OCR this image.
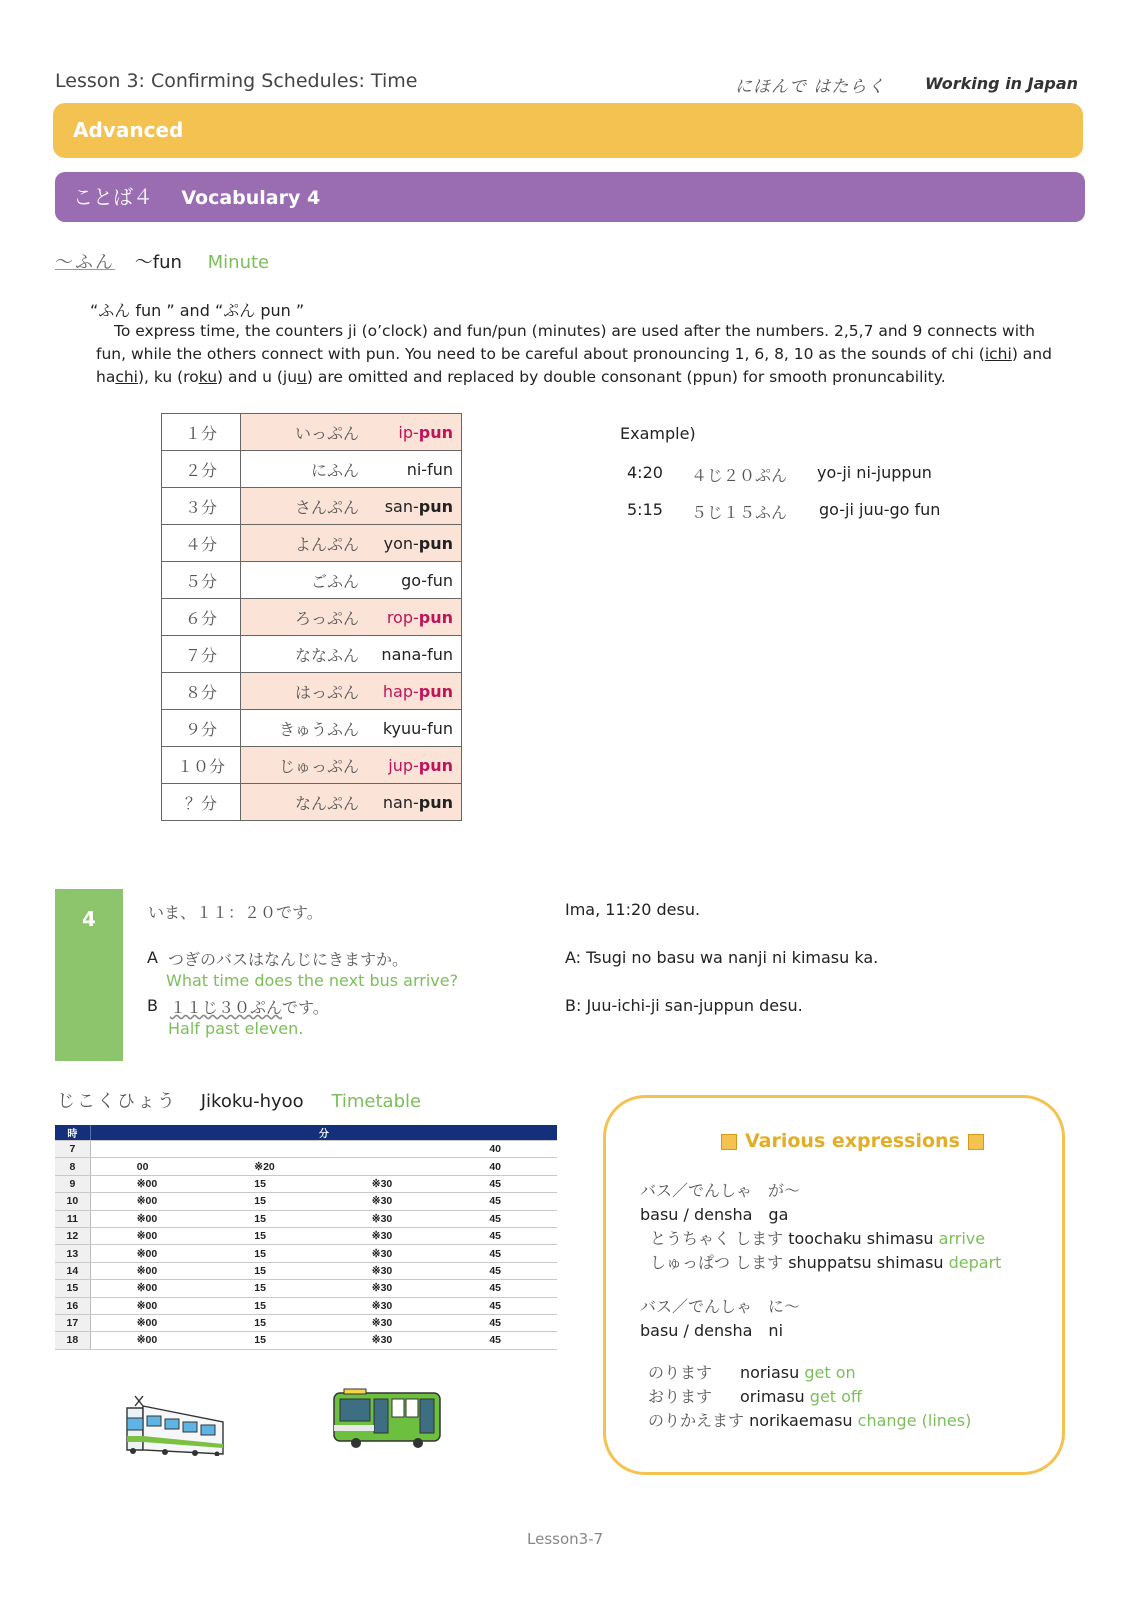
Lesson 3: Confirming Schedules: Time	にほんで はたらく Working in Japan
Advanced
ことば４ Vocabulary 4
～ふん ～fun Minute
“ふん fun ” and “ぷん pun ”
To express time, the counters ji (o’clock) and fun/pun (minutes) are used after the numbers. 2,5,7 and 9 connects with fun, while the others connect with pun. You need to be careful about pronouncing 1, 6, 8, 10 as the sounds of chi (ichi) and hachi), ku (roku) and u (juu) are omitted and replaced by double consonant (ppun) for smooth pronuncability.
１分	いっぷん	ip-pun
２分	にふん	ni-fun
３分	さんぷん	san-pun
４分	よんぷん	yon-pun
５分	ごふん	go-fun
６分	ろっぷん	rop-pun
７分	ななふん	nana-fun
８分	はっぷん	hap-pun
９分	きゅうふん	kyuu-fun
１０分	じゅっぷん	jup-pun
？分	なんぷん	nan-pun
Example)
4:20 ４じ２０ぷん yo-ji ni-juppun
5:15 ５じ１５ふん go-ji juu-go fun
4	いま、１１：２０です。	Ima, 11:20 desu.
A つぎのバスはなんじにきますか。
What time does the next bus arrive?
A: Tsugi no basu wa nanji ni kimasu ka.
B １１じ３０ぷんです。
Half past eleven.
B: Juu-ichi-ji san-juppun desu.
じこくひょう Jikoku-hyoo Timetable
時	分			
7				40
8	00	※20		40
9	※00	15	※30	45
10	※00	15	※30	45
11	※00	15	※30	45
12	※00	15	※30	45
13	※00	15	※30	45
14	※00	15	※30	45
15	※00	15	※30	45
16	※00	15	※30	45
17	※00	15	※30	45
18	※00	15	※30	45
Various expressions
バス／でんしゃ　が～
basu / densha　ga
とうちゃく します toochaku shimasu arrive
しゅっぱつ します shuppatsu shimasu depart
バス／でんしゃ　に～
basu / densha　ni
のります noriasu get on
おります orimasu get off
のりかえます norikaemasu change (lines)
Lesson3-7
